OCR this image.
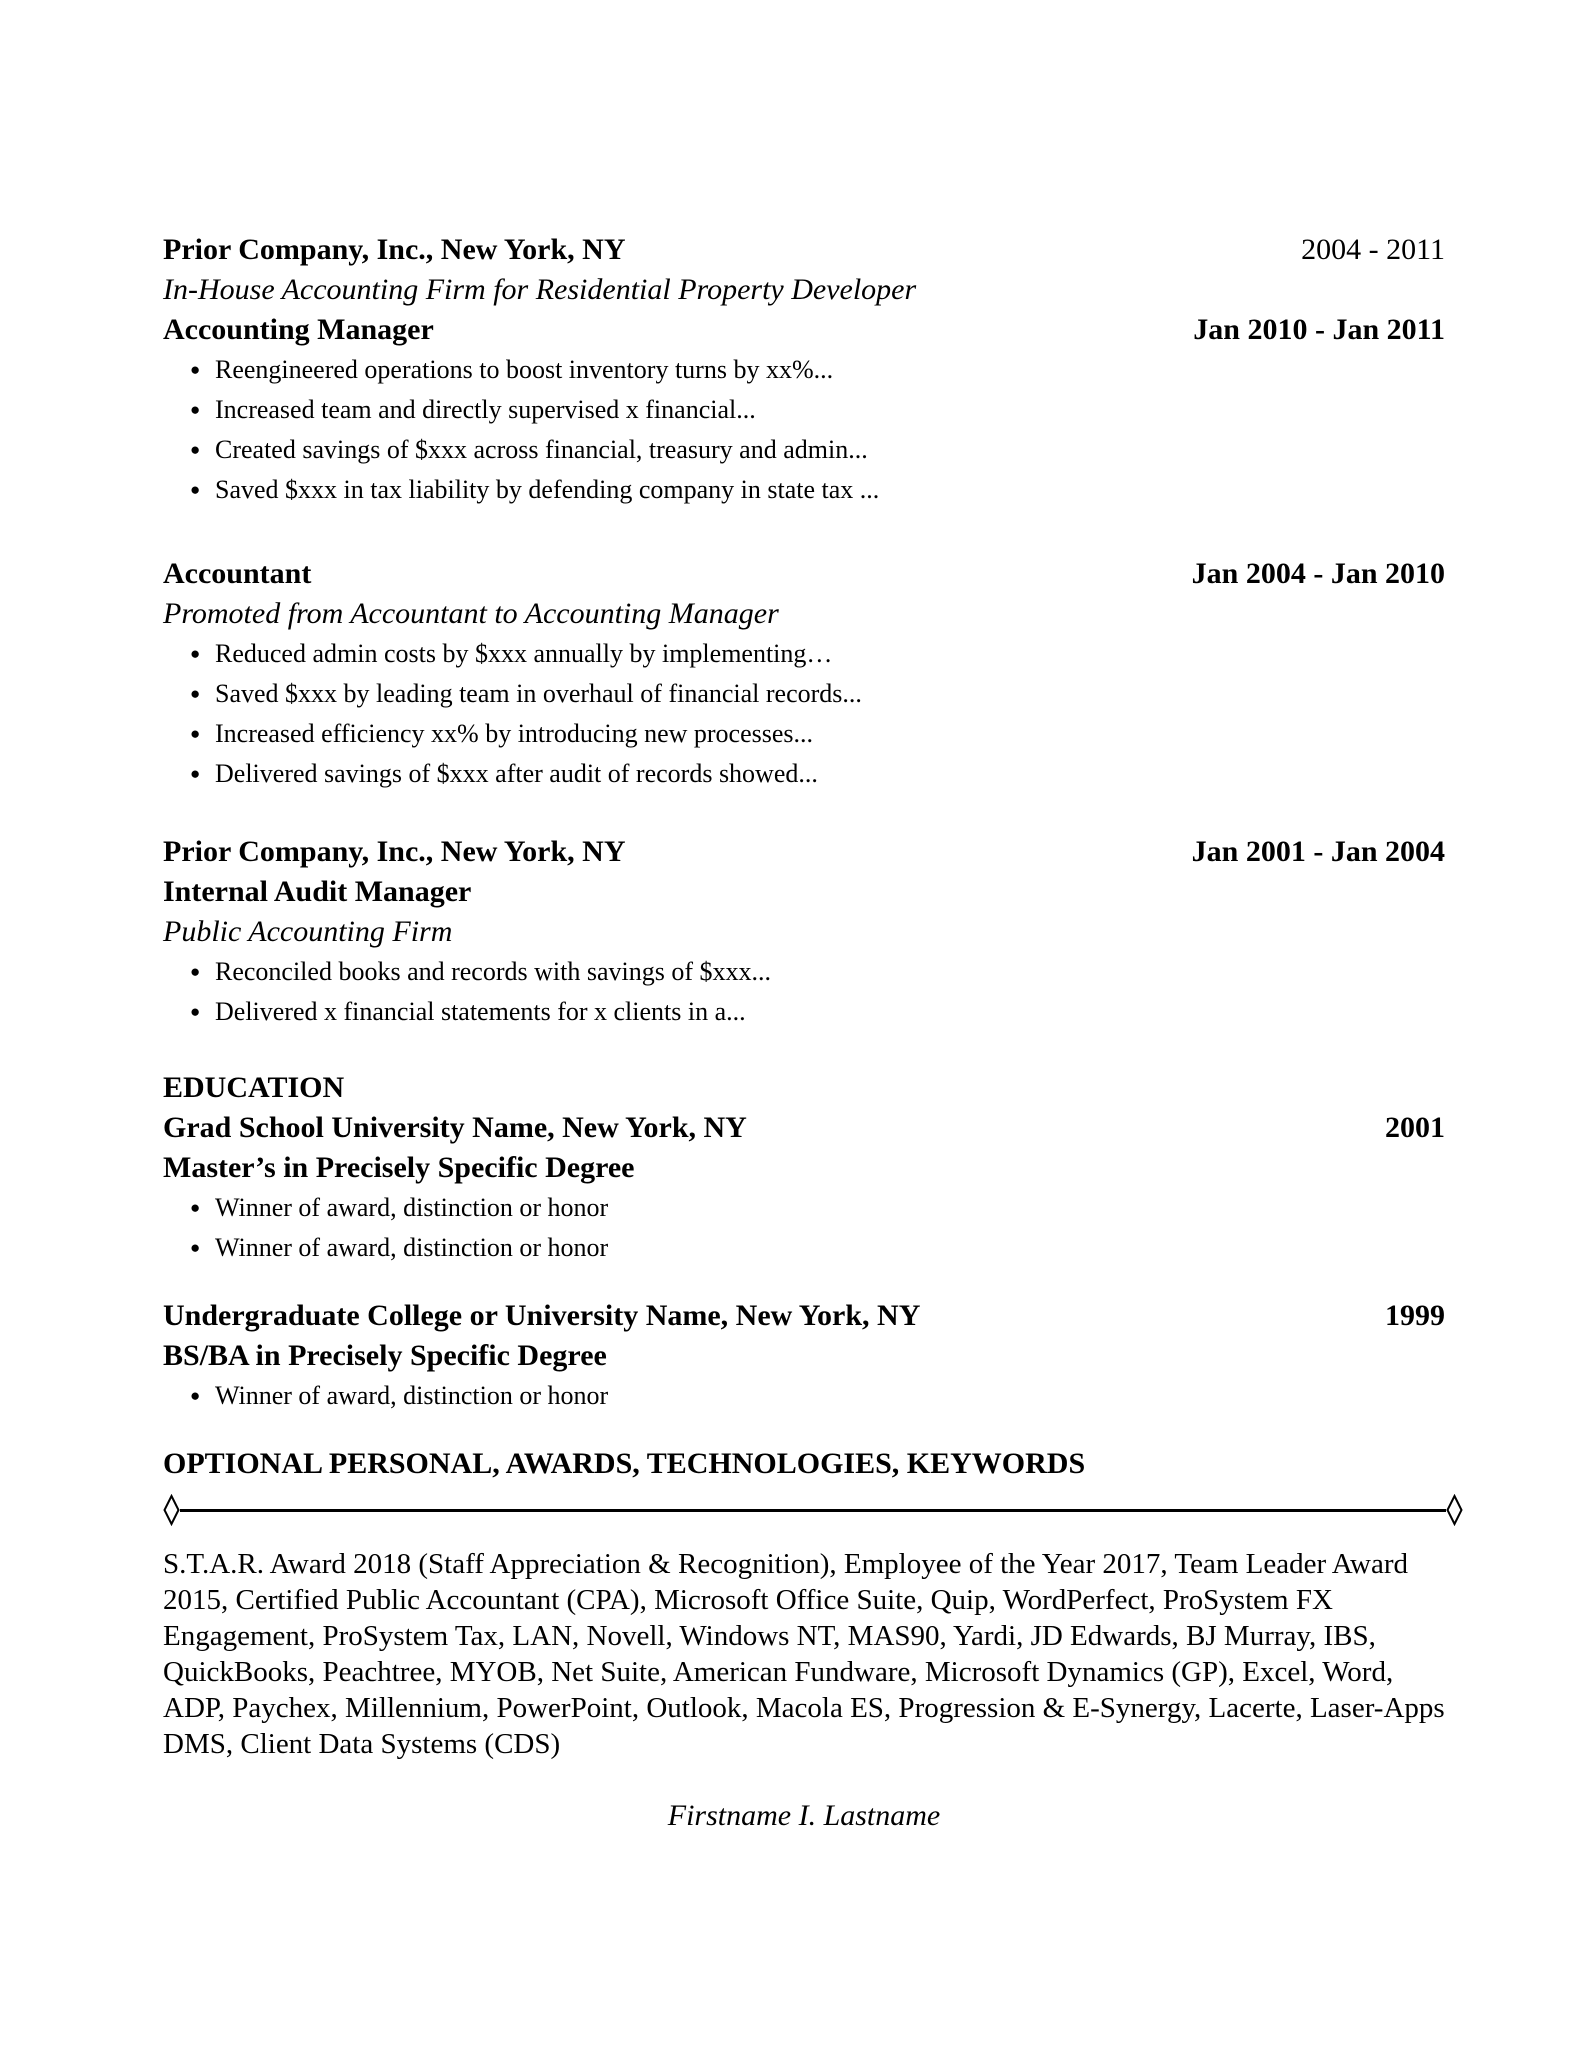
Prior Company, Inc., New York, NY	2004 - 2011
In-House Accounting Firm for Residential Property Developer
Accounting Manager	Jan 2010 - Jan 2011
● Reengineered operations to boost inventory turns by xx%...
● Increased team and directly supervised x financial...
● Created savings of $xxx across financial, treasury and admin...
● Saved $xxx in tax liability by defending company in state tax ...
Accountant	Jan 2004 - Jan 2010
Promoted from Accountant to Accounting Manager
● Reduced admin costs by $xxx annually by implementing…
● Saved $xxx by leading team in overhaul of financial records...
● Increased efficiency xx% by introducing new processes...
● Delivered savings of $xxx after audit of records showed...
Prior Company, Inc., New York, NY	Jan 2001 - Jan 2004
Internal Audit Manager
Public Accounting Firm
● Reconciled books and records with savings of $xxx...
● Delivered x financial statements for x clients in a...
EDUCATION
Grad School University Name, New York, NY	2001
Master’s in Precisely Specific Degree
● Winner of award, distinction or honor
● Winner of award, distinction or honor
Undergraduate College or University Name, New York, NY	1999
BS/BA in Precisely Specific Degree
● Winner of award, distinction or honor
OPTIONAL PERSONAL, AWARDS, TECHNOLOGIES, KEYWORDS

S.T.A.R. Award 2018 (Staff Appreciation & Recognition), Employee of the Year 2017, Team Leader Award 2015, Certified Public Accountant (CPA), Microsoft Office Suite, Quip, WordPerfect, ProSystem FX Engagement, ProSystem Tax, LAN, Novell, Windows NT, MAS90, Yardi, JD Edwards, BJ Murray, IBS, QuickBooks, Peachtree, MYOB, Net Suite, American Fundware, Microsoft Dynamics (GP), Excel, Word, ADP, Paychex, Millennium, PowerPoint, Outlook, Macola ES, Progression & E-Synergy, Lacerte, Laser-Apps DMS, Client Data Systems (CDS)

Firstname I. Lastname
